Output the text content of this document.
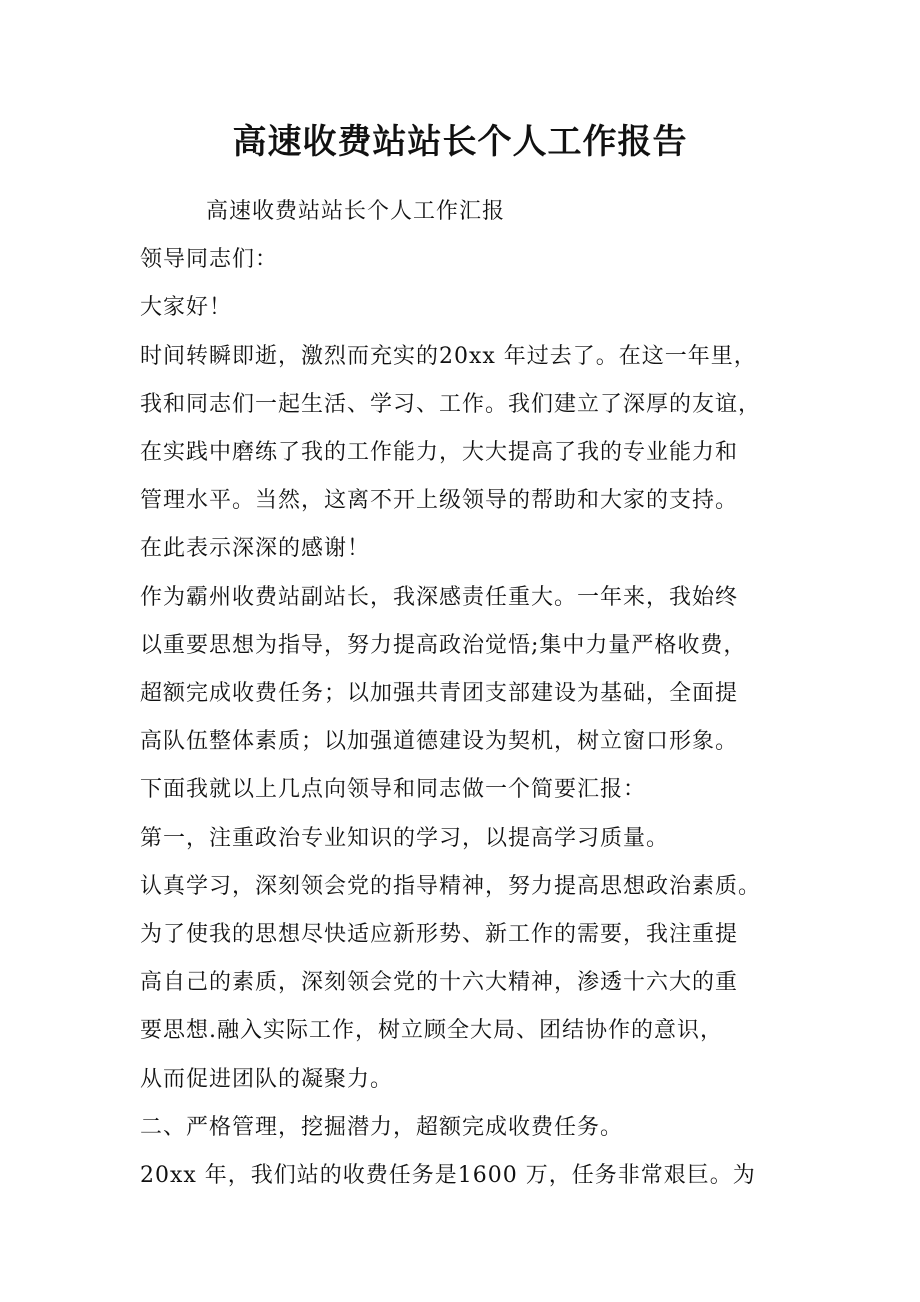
高速收费站站长个人工作报告

高速收费站站长个人工作汇报

领导同志们：

大家好！

时间转瞬即逝，激烈而充实的20xx 年过去了。在这一年里，

我和同志们一起生活、学习、工作。我们建立了深厚的友谊，

在实践中磨练了我的工作能力，大大提高了我的专业能力和

管理水平。当然，这离不开上级领导的帮助和大家的支持。

在此表示深深的感谢！

作为霸州收费站副站长，我深感责任重大。一年来，我始终

以重要思想为指导，努力提高政治觉悟;集中力量严格收费，

超额完成收费任务；以加强共青团支部建设为基础，全面提

高队伍整体素质；以加强道德建设为契机，树立窗口形象。

下面我就以上几点向领导和同志做一个简要汇报：

第一，注重政治专业知识的学习，以提高学习质量。

认真学习，深刻领会党的指导精神，努力提高思想政治素质。

为了使我的思想尽快适应新形势、新工作的需要，我注重提

高自己的素质，深刻领会党的十六大精神，渗透十六大的重

要思想.融入实际工作，树立顾全大局、团结协作的意识，

从而促进团队的凝聚力。

二、严格管理，挖掘潜力，超额完成收费任务。

20xx 年，我们站的收费任务是1600 万，任务非常艰巨。为
